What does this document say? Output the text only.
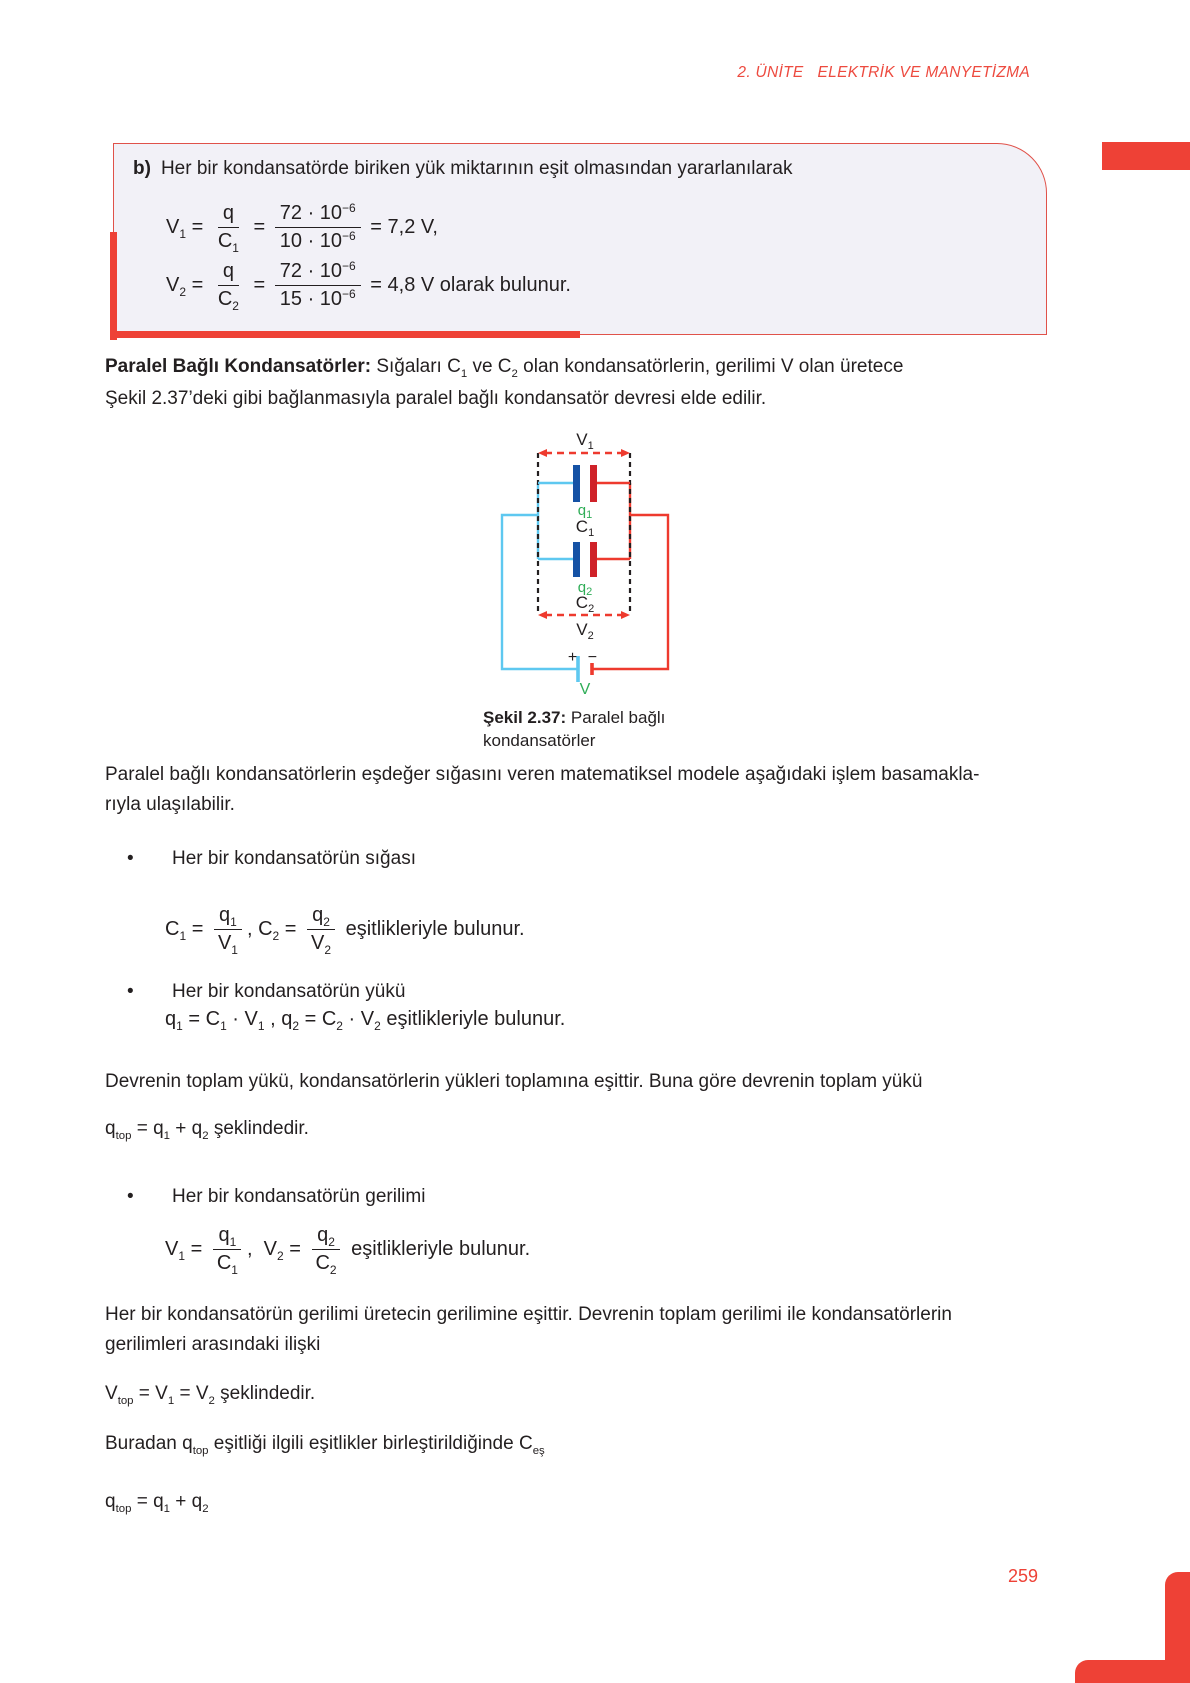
2. ÜNİTE ELEKTRİK VE MANYETİZMA
b) Her bir kondansatörde biriken yük miktarının eşit olmasından yararlanılarak
$V_1 = \frac{q}{C_1} = \frac{72 \cdot 10^{-6}}{10 \cdot 10^{-6}} = 7,2$ V,
$V_2 = \frac{q}{C_2} = \frac{72 \cdot 10^{-6}}{15 \cdot 10^{-6}} = 4,8$ V olarak bulunur.
Paralel Bağlı Kondansatörler: Sığaları $C_1$ ve $C_2$ olan kondansatörlerin, gerilimi V olan üretece
Şekil 2.37’deki gibi bağlanmasıyla paralel bağlı kondansatör devresi elde edilir.
$V_1$
$q_1$
$C_1$
$q_2$
$C_2$
$V_2$
+ −
V
Şekil 2.37: Paralel bağlı
kondansatörler
Paralel bağlı kondansatörlerin eşdeğer sığasını veren matematiksel modele aşağıdaki işlem basamakla-
rıyla ulaşılabilir.
• Her bir kondansatörün sığası
$C_1 = \frac{q_1}{V_1}$ , $C_2 = \frac{q_2}{V_2}$ eşitlikleriyle bulunur.
• Her bir kondansatörün yükü
$q_1 = C_1 \cdot V_1$ , $q_2 = C_2 \cdot V_2$ eşitlikleriyle bulunur.
Devrenin toplam yükü, kondansatörlerin yükleri toplamına eşittir. Buna göre devrenin toplam yükü
$q_{top} = q_1 + q_2$ şeklindedir.
• Her bir kondansatörün gerilimi
$V_1 = \frac{q_1}{C_1}$ ,  $V_2 = \frac{q_2}{C_2}$ eşitlikleriyle bulunur.
Her bir kondansatörün gerilimi üretecin gerilimine eşittir. Devrenin toplam gerilimi ile kondansatörlerin
gerilimleri arasındaki ilişki
$V_{top} = V_1 = V_2$ şeklindedir.
Buradan $q_{top}$ eşitliği ilgili eşitlikler birleştirildiğinde $C_{eş}$
$q_{top} = q_1 + q_2$
259
